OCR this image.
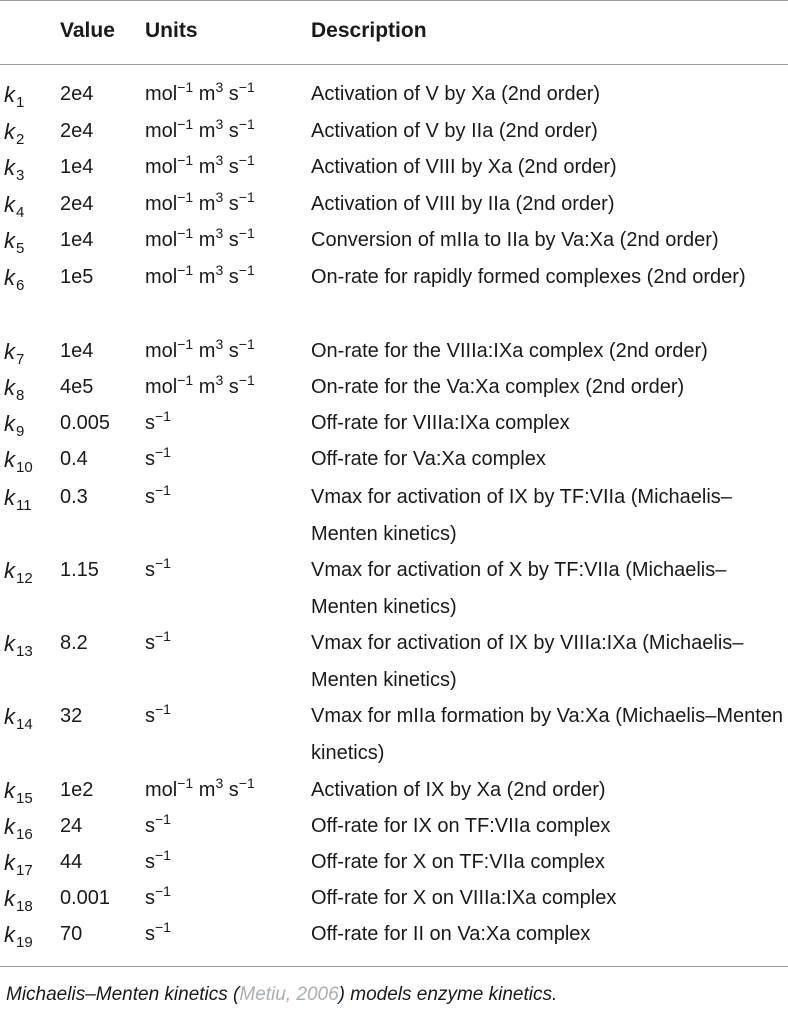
Value Units	Description
$k_1$ 2e4	mol$^{-1}$ $m^3$ $s^{-1}$	Activation of V by Xa (2nd order)
$k_2$ 2e4	mol$^{-1}$ $m^3$ $s^{-1}$	Activation of V by IIa (2nd order)
$k_3$ 1e4	mol$^{-1}$ $m^3$ $s^{-1}$	Activation of VIII by Xa (2nd order)
$k_4$ 2e4	mol$^{-1}$ $m^3$ $s^{-1}$	Activation of VIII by IIa (2nd order)
$k_5$ 1e4	mol$^{-1}$ $m^3$ $s^{-1}$	Conversion of mIIa to IIa by Va:Xa (2nd order)
$k_6$ 1e5	mol$^{-1}$ $m^3$ $s^{-1}$	On-rate for rapidly formed complexes (2nd order)
$k_7$ 1e4	mol$^{-1}$ $m^3$ $s^{-1}$	On-rate for the VIIIa:IXa complex (2nd order)
$k_8$ 4e5	mol$^{-1}$ $m^3$ $s^{-1}$	On-rate for the Va:Xa complex (2nd order)
$k_9$ 0.005 $s^{-1}$	Off-rate for VIIIa:IXa complex
$k_{10}$ 0.4	$s^{-1}$	Off-rate for Va:Xa complex
$k_{11}$ 0.3	$s^{-1}$	Vmax for activation of IX by TF:VIIa (Michaelis–Menten kinetics)
$k_{12}$ 1.15 $s^{-1}$	Vmax for activation of X by TF:VIIa (Michaelis–Menten kinetics)
$k_{13}$ 8.2	$s^{-1}$	Vmax for activation of IX by VIIIa:IXa (Michaelis–Menten kinetics)
$k_{14}$ 32	$s^{-1}$	Vmax for mIIa formation by Va:Xa (Michaelis–Menten kinetics)
$k_{15}$ 1e2	mol$^{-1}$ $m^3$ $s^{-1}$	Activation of IX by Xa (2nd order)
$k_{16}$ 24	$s^{-1}$	Off-rate for IX on TF:VIIa complex
$k_{17}$ 44	$s^{-1}$	Off-rate for X on TF:VIIa complex
$k_{18}$ 0.001 $s^{-1}$	Off-rate for X on VIIIa:IXa complex
$k_{19}$ 70	$s^{-1}$	Off-rate for II on Va:Xa complex
Michaelis–Menten kinetics (Metiu, 2006) models enzyme kinetics.
